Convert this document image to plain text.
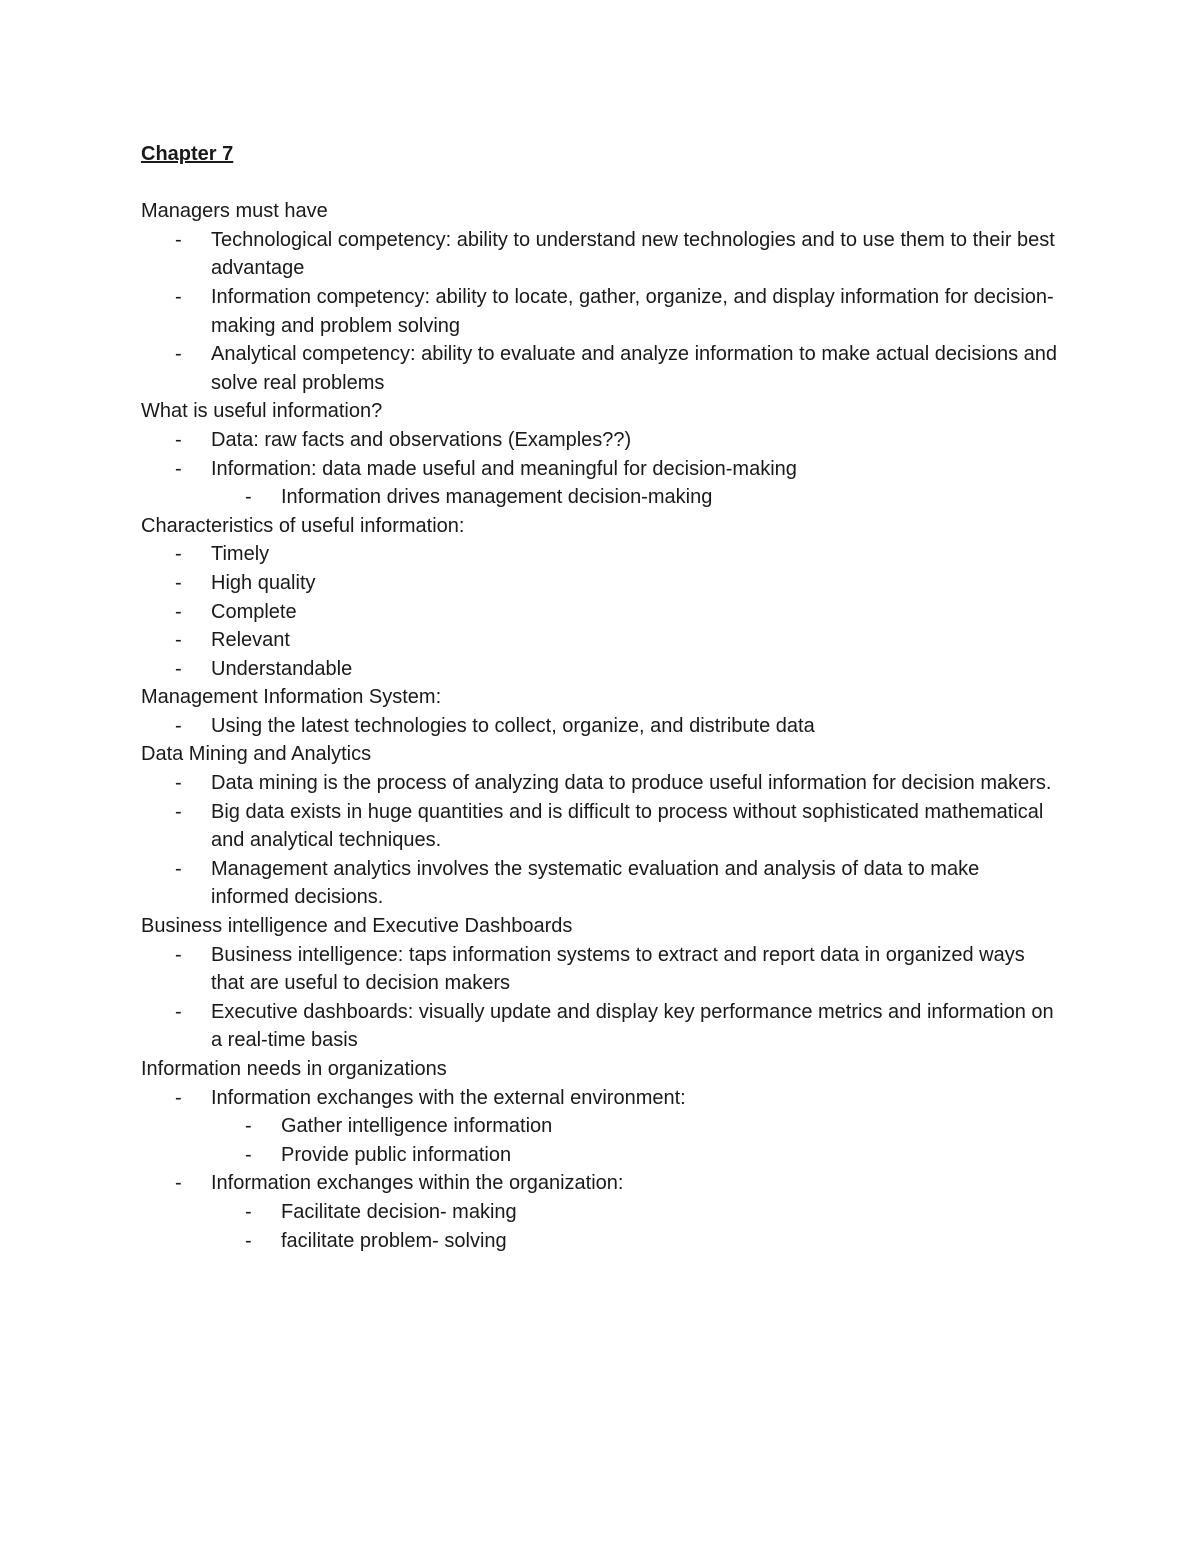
Chapter 7
Managers must have
- Technological competency: ability to understand new technologies and to use them to their best advantage
- Information competency: ability to locate, gather, organize, and display information for decision-making and problem solving
- Analytical competency: ability to evaluate and analyze information to make actual decisions and solve real problems
What is useful information?
- Data: raw facts and observations (Examples??)
- Information: data made useful and meaningful for decision-making
- Information drives management decision-making
Characteristics of useful information:
- Timely
- High quality
- Complete
- Relevant
- Understandable
Management Information System:
- Using the latest technologies to collect, organize, and distribute data
Data Mining and Analytics
- Data mining is the process of analyzing data to produce useful information for decision makers.
- Big data exists in huge quantities and is difficult to process without sophisticated mathematical and analytical techniques.
- Management analytics involves the systematic evaluation and analysis of data to make informed decisions.
Business intelligence and Executive Dashboards
- Business intelligence: taps information systems to extract and report data in organized ways that are useful to decision makers
- Executive dashboards: visually update and display key performance metrics and information on a real-time basis
Information needs in organizations
- Information exchanges with the external environment:
- Gather intelligence information
- Provide public information
- Information exchanges within the organization:
- Facilitate decision- making
- facilitate problem- solving
